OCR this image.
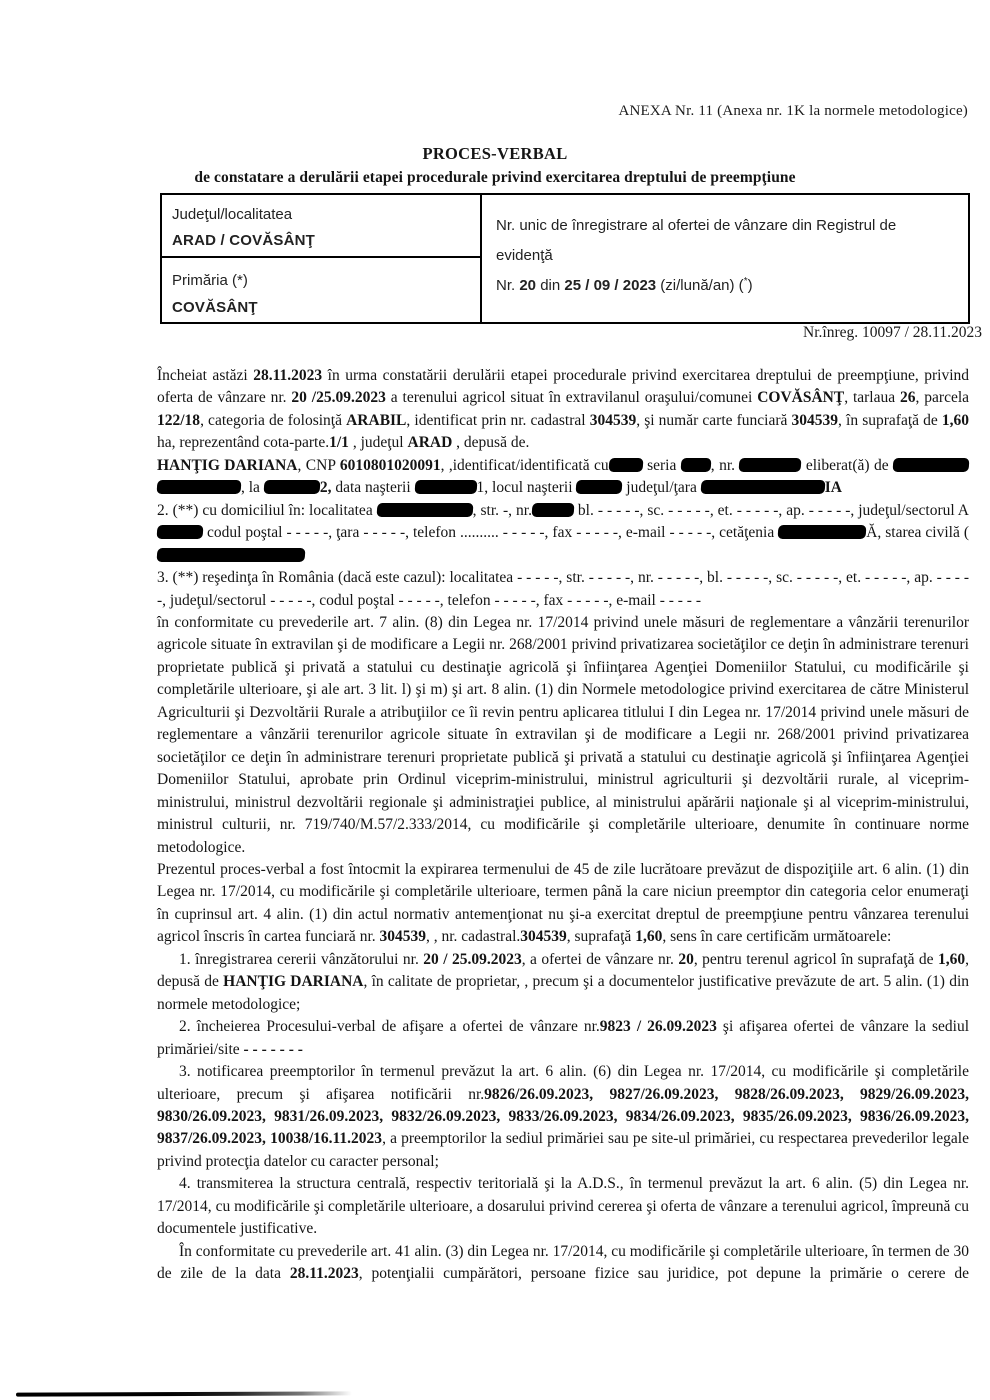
ANEXA Nr. 11 (Anexa nr. 1K la normele metodologice)
PROCES-VERBAL
de constatare a derulării etapei procedurale privind exercitarea dreptului de preempţiune
Judeţul/localitatea
ARAD / COVĂSÂNŢ
Nr. unic de înregistrare al ofertei de vânzare din Registrul de evidenţă
Nr. 20 din 25 / 09 / 2023 (zi/lună/an) (*)
Primăria (*)
COVĂSÂNŢ
Nr.înreg. 10097 / 28.11.2023

Încheiat astăzi 28.11.2023 în urma constatării derulării etapei procedurale privind exercitarea dreptului de preempţiune, privind oferta de vânzare nr. 20 /25.09.2023 a terenului agricol situat în extravilanul oraşului/comunei COVĂSÂNŢ, tarlaua 26, parcela 122/18, categoria de folosinţă ARABIL, identificat prin nr. cadastral 304539, şi număr carte funciară 304539, în suprafaţă de 1,60 ha, reprezentând cota-parte.1/1 , judeţul ARAD , depusă de.

HANŢIG DARIANA, CNP 6010801020091, ,identificat/identificată cu seria , nr.	eliberat(ă) de  , la	2, data naşterii	1, locul naşterii	judeţul/ţara	IA

2. (**) cu domiciliul în: localitatea	, str. -, nr.	bl. - - - - -, sc. - - - - -, et. - - - - -, ap. - - - - -, judeţul/sectorul A codul poştal - - - - -, ţara - - - - -, telefon .......... - - - - -, fax - - - - -, e-mail - - - - -, cetăţenia	Ă, starea civilă (

3. (**) reşedinţa în România (dacă este cazul): localitatea - - - - -, str. - - - - -, nr. - - - - -, bl. - - - - -, sc. - - - - -, et. - - - - -, ap. - - - - -, judeţul/sectorul - - - - -, codul poştal - - - - -, telefon - - - - -, fax - - - - -, e-mail - - - - -

în conformitate cu prevederile art. 7 alin. (8) din Legea nr. 17/2014 privind unele măsuri de reglementare a vânzării terenurilor agricole situate în extravilan şi de modificare a Legii nr. 268/2001 privind privatizarea societăţilor ce deţin în administrare terenuri proprietate publică şi privată a statului cu destinaţie agricolă şi înfiinţarea Agenţiei Domeniilor Statului, cu modificările şi completările ulterioare, şi ale art. 3 lit. l) şi m) şi art. 8 alin. (1) din Normele metodologice privind exercitarea de către Ministerul Agriculturii şi Dezvoltării Rurale a atribuţiilor ce îi revin pentru aplicarea titlului I din Legea nr. 17/2014 privind unele măsuri de reglementare a vânzării terenurilor agricole situate în extravilan şi de modificare a Legii nr. 268/2001 privind privatizarea societăţilor ce deţin în administrare terenuri proprietate publică şi privată a statului cu destinaţie agricolă şi înfiinţarea Agenţiei Domeniilor Statului, aprobate prin Ordinul viceprim-ministrului, ministrul agriculturii şi dezvoltării rurale, al viceprim-ministrului, ministrul dezvoltării regionale şi administraţiei publice, al ministrului apărării naţionale şi al viceprim-ministrului, ministrul culturii, nr. 719/740/M.57/2.333/2014, cu modificările şi completările ulterioare, denumite în continuare norme metodologice.

Prezentul proces-verbal a fost întocmit la expirarea termenului de 45 de zile lucrătoare prevăzut de dispoziţiile art. 6 alin. (1) din Legea nr. 17/2014, cu modificările şi completările ulterioare, termen până la care niciun preemptor din categoria celor enumeraţi în cuprinsul art. 4 alin. (1) din actul normativ antemenţionat nu şi-a exercitat dreptul de preempţiune pentru vânzarea terenului agricol înscris în cartea funciară nr. 304539, , nr. cadastral.304539, suprafaţă 1,60, sens în care certificăm următoarele:

1. înregistrarea cererii vânzătorului nr. 20 / 25.09.2023, a ofertei de vânzare nr. 20, pentru terenul agricol în suprafaţă de 1,60, depusă de HANŢIG DARIANA, în calitate de proprietar, , precum şi a documentelor justificative prevăzute de art. 5 alin. (1) din normele metodologice;

2. încheierea Procesului-verbal de afişare a ofertei de vânzare nr.9823 / 26.09.2023 şi afişarea ofertei de vânzare la sediul primăriei/site - - - - - - -

3. notificarea preemptorilor în termenul prevăzut la art. 6 alin. (6) din Legea nr. 17/2014, cu modificările şi completările ulterioare, precum şi afişarea notificării nr.9826/26.09.2023, 9827/26.09.2023, 9828/26.09.2023, 9829/26.09.2023, 9830/26.09.2023, 9831/26.09.2023, 9832/26.09.2023, 9833/26.09.2023, 9834/26.09.2023, 9835/26.09.2023, 9836/26.09.2023, 9837/26.09.2023, 10038/16.11.2023, a preemptorilor la sediul primăriei sau pe site-ul primăriei, cu respectarea prevederilor legale privind protecţia datelor cu caracter personal;

4. transmiterea la structura centrală, respectiv teritorială şi la A.D.S., în termenul prevăzut la art. 6 alin. (5) din Legea nr. 17/2014, cu modificările şi completările ulterioare, a dosarului privind cererea şi oferta de vânzare a terenului agricol, împreună cu documentele justificative.

În conformitate cu prevederile art. 41 alin. (3) din Legea nr. 17/2014, cu modificările şi completările ulterioare, în termen de 30 de zile de la data 28.11.2023, potenţialii cumpărători, persoane fizice sau juridice, pot depune la primărie o cerere de
